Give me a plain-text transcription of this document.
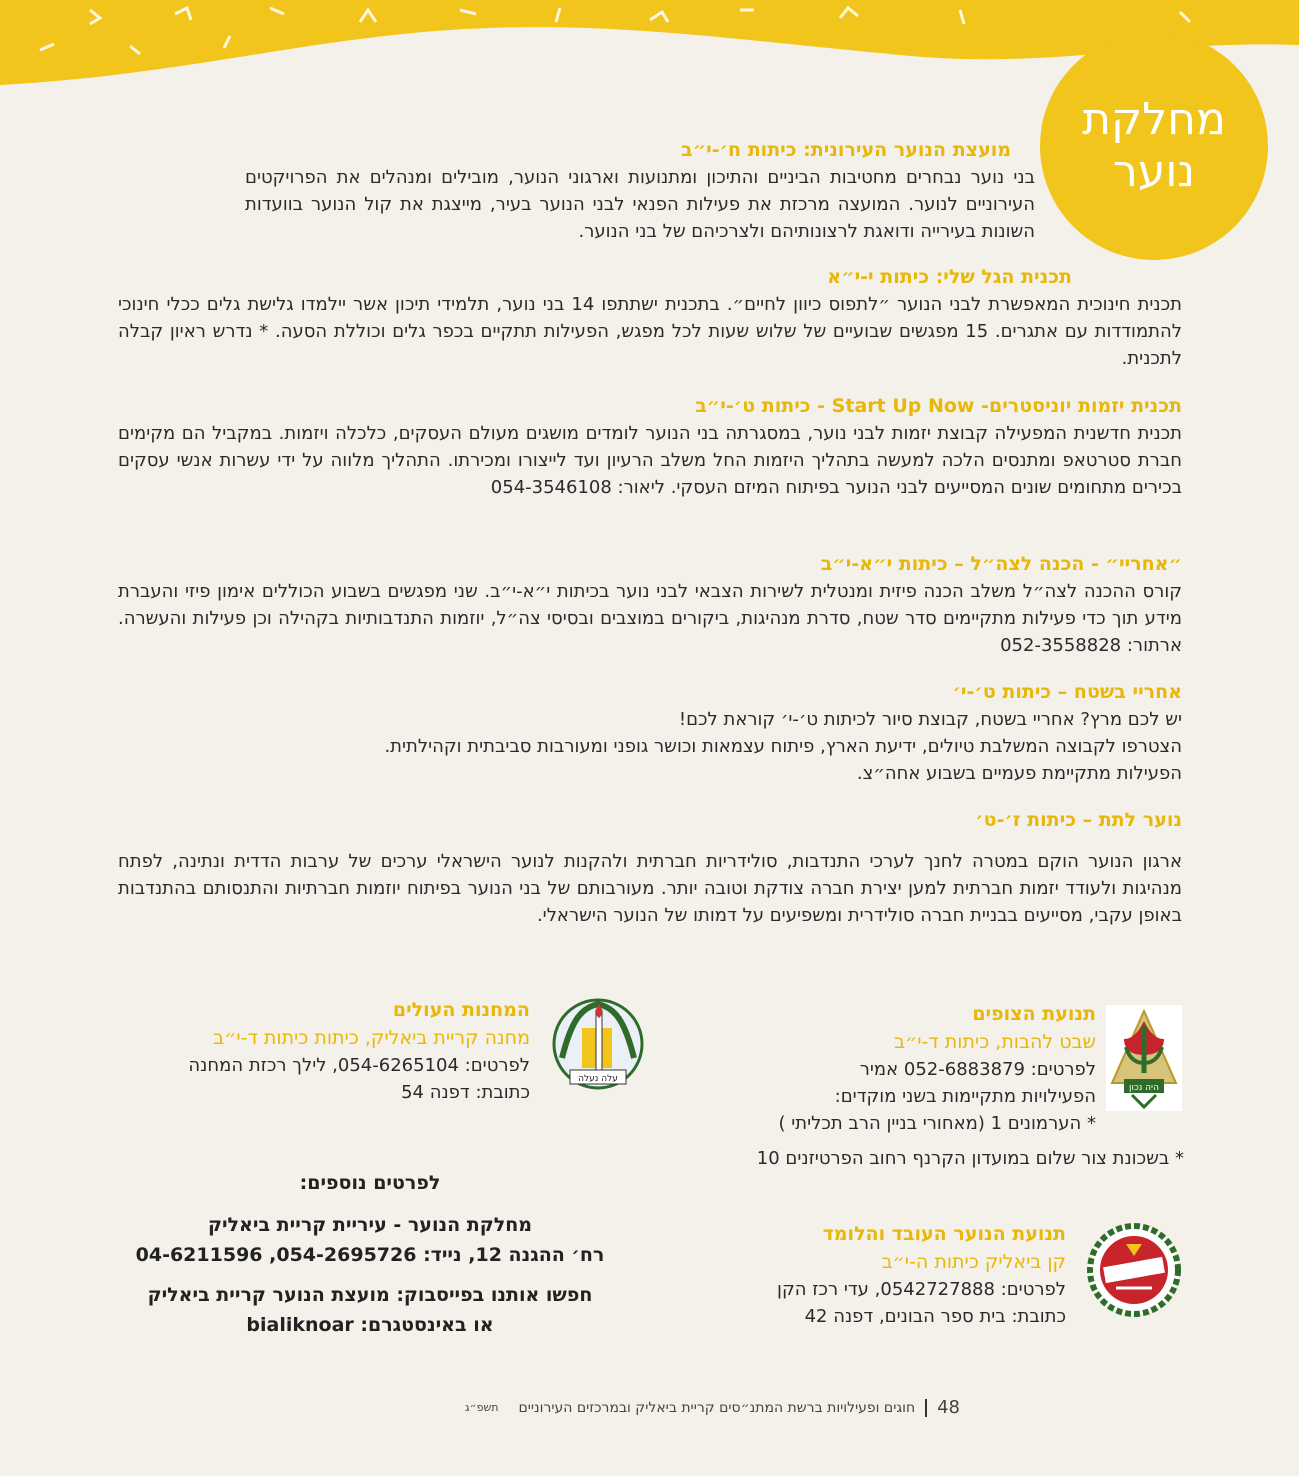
מחלקת
נוער
מועצת הנוער העירונית: כיתות ח׳-י״ב

בני נוער נבחרים מחטיבות הביניים והתיכון ומתנועות וארגוני הנוער, מובילים ומנהלים את הפרויקטים העירוניים לנוער. המועצה מרכזת את פעילות הפנאי לבני הנוער בעיר, מייצגת את קול הנוער בוועדות השונות בעירייה ודואגת לרצונותיהם ולצרכיהם של בני הנוער.

תכנית הגל שלי: כיתות י-י״א

תכנית חינוכית המאפשרת לבני הנוער ״לתפוס כיוון לחיים״. בתכנית ישתתפו 14 בני נוער, תלמידי תיכון אשר יילמדו גלישת גלים ככלי חינוכי להתמודדות עם אתגרים. 15 מפגשים שבועיים של שלוש שעות לכל מפגש, הפעילות תתקיים בכפר גלים וכוללת הסעה. * נדרש ראיון קבלה לתכנית.

תכנית יזמות יוניסטרים- Start Up Now - כיתות ט׳-י״ב

תכנית חדשנית המפעילה קבוצת יזמות לבני נוער, במסגרתה בני הנוער לומדים מושגים מעולם העסקים, כלכלה ויזמות. במקביל הם מקימים חברת סטרטאפ ומתנסים הלכה למעשה בתהליך היזמות החל משלב הרעיון ועד לייצורו ומכירתו. התהליך מלווה על ידי עשרות אנשי עסקים בכירים מתחומים שונים המסייעים לבני הנוער בפיתוח המיזם העסקי. ליאור: 054-3546108

״אחריי״ - הכנה לצה״ל – כיתות י״א-י״ב

קורס ההכנה לצה״ל משלב הכנה פיזית ומנטלית לשירות הצבאי לבני נוער בכיתות י״א-י״ב. שני מפגשים בשבוע הכוללים אימון פיזי והעברת מידע תוך כדי פעילות מתקיימים סדר שטח, סדרת מנהיגות, ביקורים במוצבים ובסיסי צה״ל, יוזמות התנדבותיות בקהילה וכן פעילות והעשרה. ארתור: 052-3558828

אחריי בשטח – כיתות ט׳-י׳

יש לכם מרץ? אחריי בשטח, קבוצת סיור לכיתות ט׳-י׳ קוראת לכם!

הצטרפו לקבוצה המשלבת טיולים, ידיעת הארץ, פיתוח עצמאות וכושר גופני ומעורבות סביבתית וקהילתית.

הפעילות מתקיימת פעמיים בשבוע אחה״צ.

נוער לתת – כיתות ז׳-ט׳

ארגון הנוער הוקם במטרה לחנך לערכי התנדבות, סולידריות חברתית ולהקנות לנוער הישראלי ערכים של ערבות הדדית ונתינה, לפתח מנהיגות ולעודד יזמות חברתית למען יצירת חברה צודקת וטובה יותר. מעורבותם של בני הנוער בפיתוח יוזמות חברתיות והתנסותם בהתנדבות באופן עקבי, מסייעים בבניית חברה סולידרית ומשפיעים על דמותו של הנוער הישראלי.

היה נכון
תנועת הצופים
שבט להבות, כיתות ד-י״ב
לפרטים: 052-6883879 אמיר
הפעילויות מתקיימות בשני מוקדים:
* הערמונים 1 (מאחורי בניין הרב תכליתי )
* בשכונת צור שלום במועדון הקרנף רחוב הפרטיזנים 10
עלה נעלה
המחנות העולים
מחנה קריית ביאליק, כיתות כיתות ד-י״ב
לפרטים: 054-6265104, לילך רכזת המחנה
כתובת: דפנה 54
לפרטים נוספים:
מחלקת הנוער - עיריית קריית ביאליק
רח׳ ההגנה 12, נייד: 054-2695726, 04-6211596
חפשו אותנו בפייסבוק: מועצת הנוער קריית ביאליק
או באינסטגרם: bialiknoar
תנועת הנוער העובד והלומד
קן ביאליק כיתות ה-י״ב
לפרטים: 0542727888, עדי רכז הקן
כתובת: בית ספר הבונים, דפנה 42
48
חוגים ופעילויות ברשת המתנ״סים קריית ביאליק ובמרכזים העירוניים
תשפ״ג
